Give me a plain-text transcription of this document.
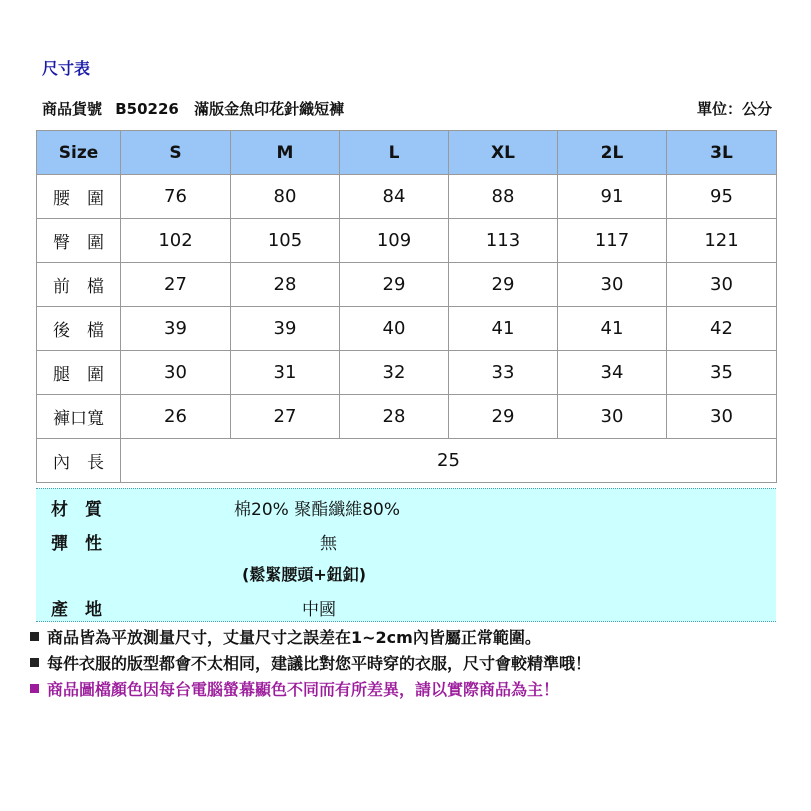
尺寸表
商品貨號 B50226 滿版金魚印花針織短褲	單位：公分
Size	S	M	L	XL	2L	3L
腰　圍	76	80	84	88	91	95
臀　圍	102	105	109	113	117	121
前　檔	27	28	29	29	30	30
後　檔	39	39	40	41	41	42
腿　圍	30	31	32	33	34	35
褲口寬	26	27	28	29	30	30
內　長	25					
材　質	棉20% 聚酯纖維80%
彈　性	無
(鬆緊腰頭+鈕釦)
產　地	中國
商品皆為平放測量尺寸，丈量尺寸之誤差在1~2cm內皆屬正常範圍。
每件衣服的版型都會不太相同，建議比對您平時穿的衣服，尺寸會較精準哦！
商品圖檔顏色因每台電腦螢幕顯色不同而有所差異，請以實際商品為主！
